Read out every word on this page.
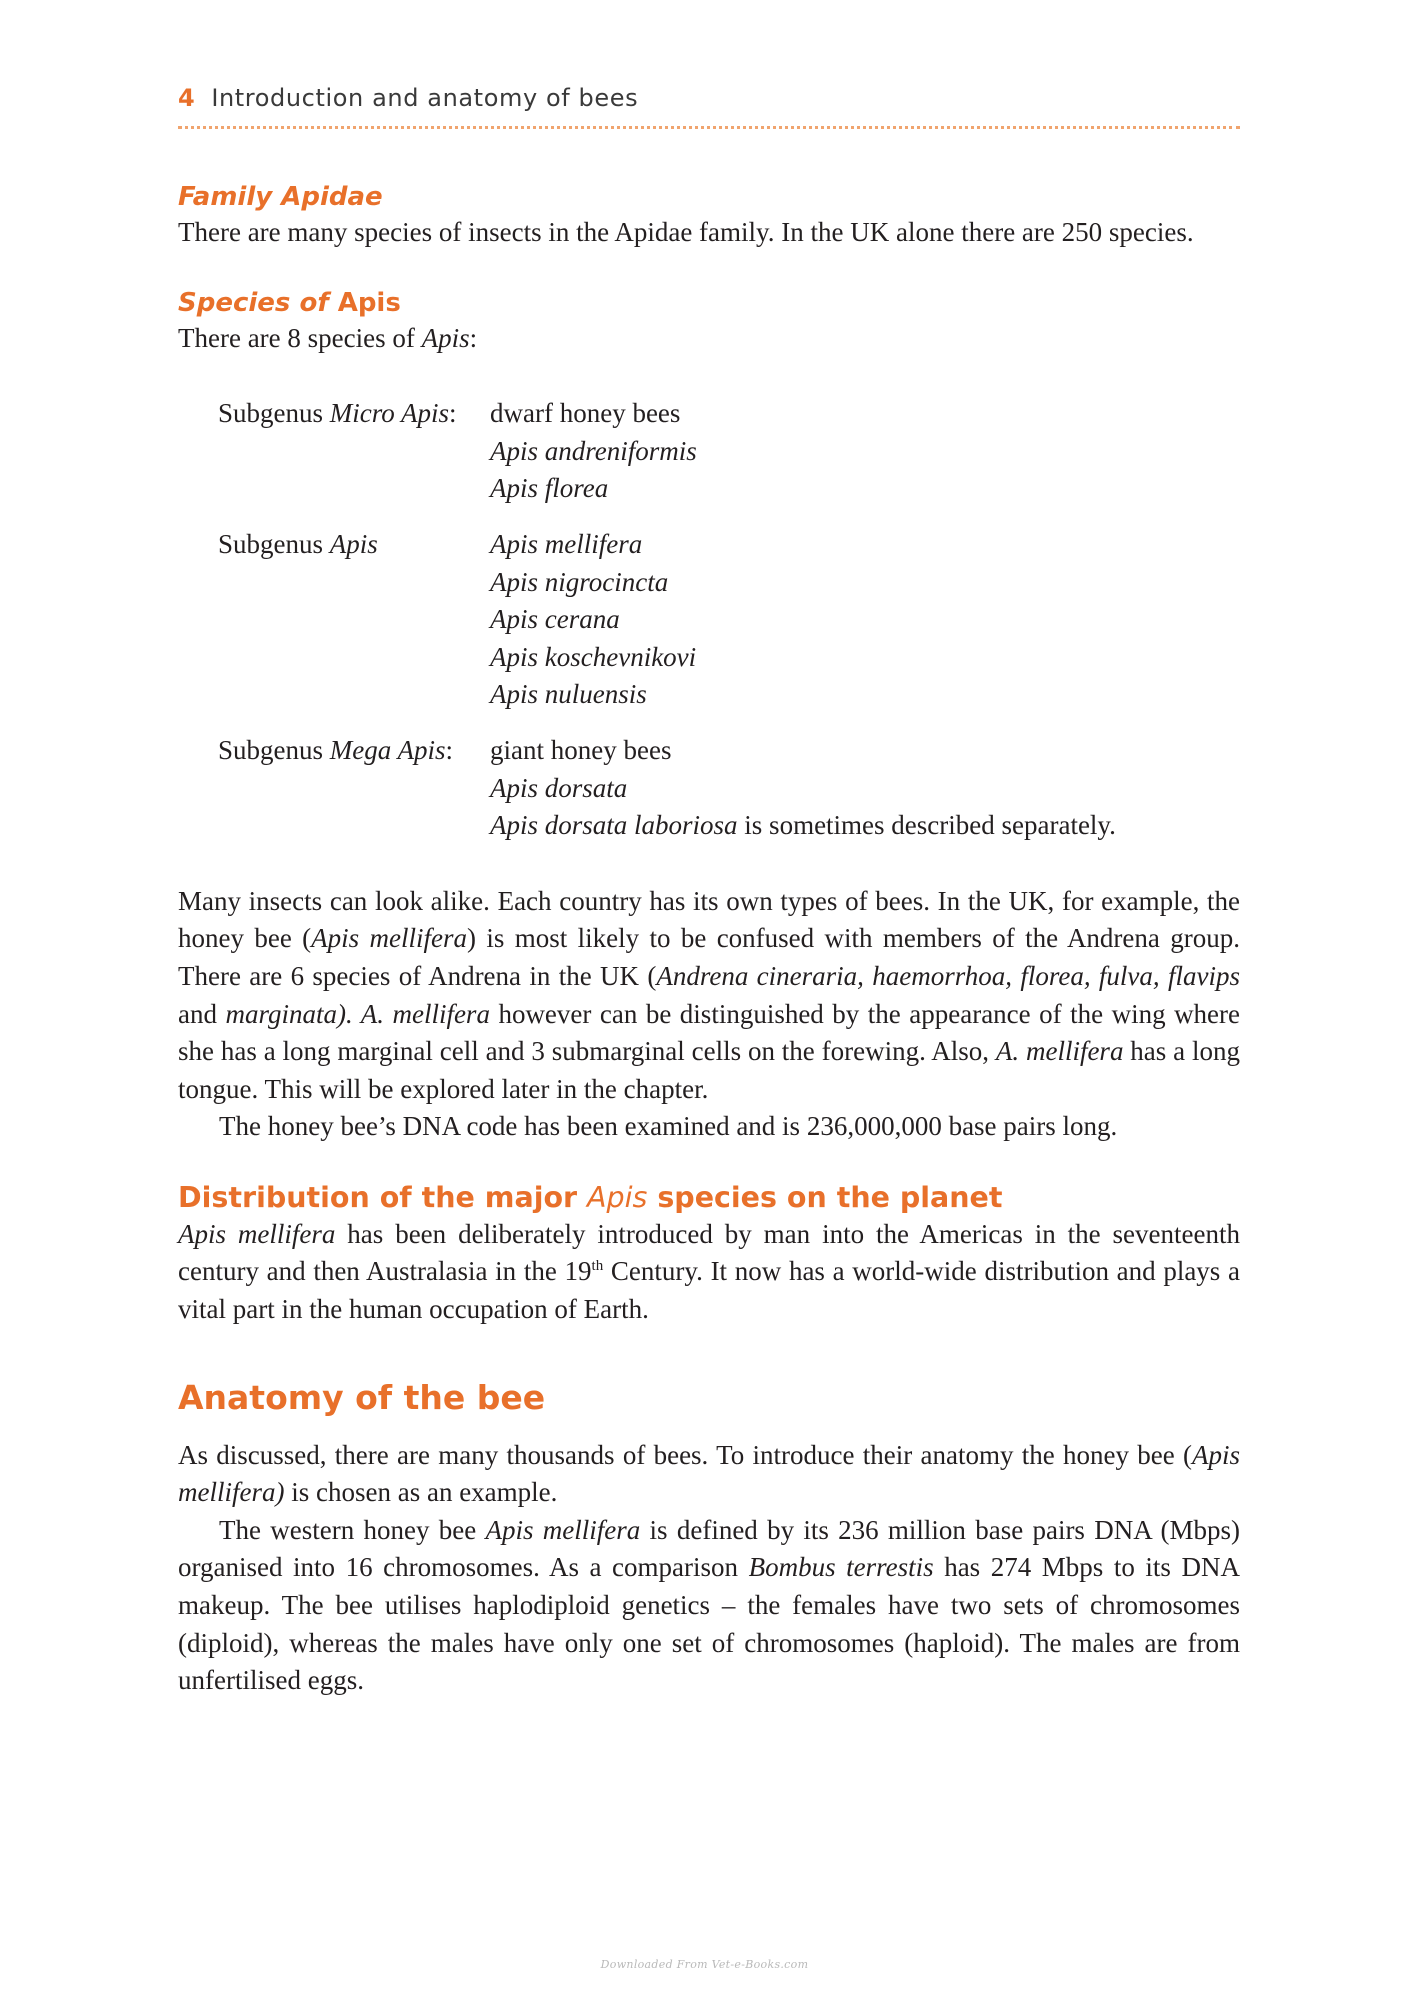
4 Introduction and anatomy of bees
Family Apidae

There are many species of insects in the Apidae family. In the UK alone there are 250 species.

Species of Apis

There are 8 species of Apis:

Subgenus Micro Apis:	dwarf honey bees
Apis andreniformis
Apis florea
Subgenus Apis	Apis mellifera
Apis nigrocincta
Apis cerana
Apis koschevnikovi
Apis nuluensis
Subgenus Mega Apis:	giant honey bees
Apis dorsata
Apis dorsata laboriosa is sometimes described separately.

Many insects can look alike. Each country has its own types of bees. In the UK, for example, the honey bee (Apis mellifera) is most likely to be confused with members of the Andrena group. There are 6 species of Andrena in the UK (Andrena cineraria, haemorrhoa, florea, fulva, flavips and marginata). A. mellifera however can be distinguished by the appearance of the wing where she has a long marginal cell and 3 submarginal cells on the forewing. Also, A. mellifera has a long tongue. This will be explored later in the chapter.

The honey bee’s DNA code has been examined and is 236,000,000 base pairs long.

Distribution of the major Apis species on the planet

Apis mellifera has been deliberately introduced by man into the Americas in the seventeenth century and then Australasia in the 19th Century. It now has a world-wide distribution and plays a vital part in the human occupation of Earth.

Anatomy of the bee

As discussed, there are many thousands of bees. To introduce their anatomy the honey bee (Apis mellifera) is chosen as an example.

The western honey bee Apis mellifera is defined by its 236 million base pairs DNA (Mbps) organised into 16 chromosomes. As a comparison Bombus terrestis has 274 Mbps to its DNA makeup. The bee utilises haplodiploid genetics – the females have two sets of chromosomes (diploid), whereas the males have only one set of chromosomes (haploid). The males are from unfertilised eggs.

Downloaded From Vet-e-Books.com
